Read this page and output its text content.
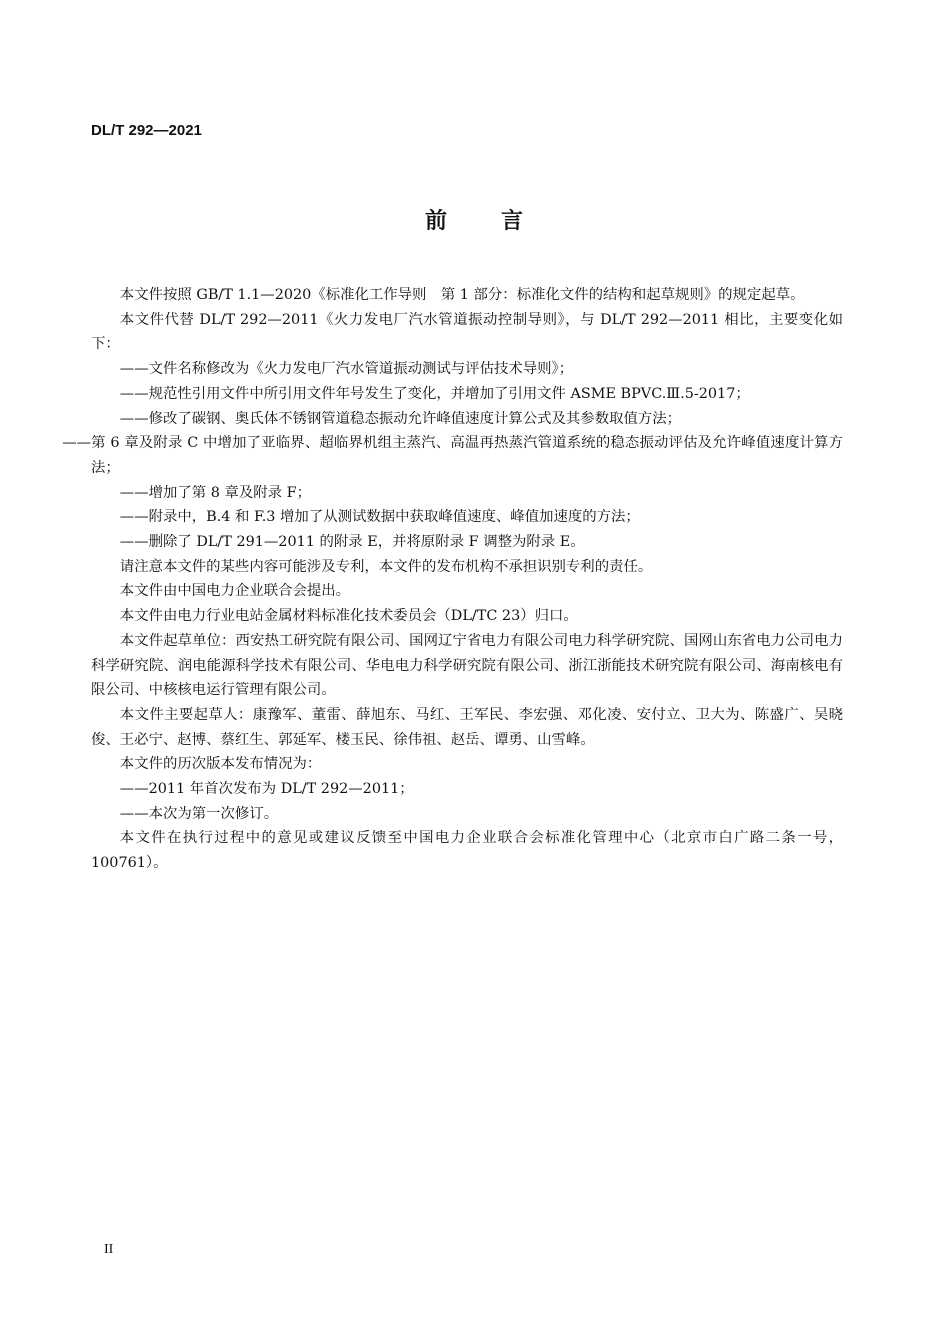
DL/T 292—2021
前 言

本文件按照 GB/T 1.1—2020《标准化工作导则　第 1 部分：标准化文件的结构和起草规则》的规定起草。

本文件代替 DL/T 292—2011《火力发电厂汽水管道振动控制导则》，与 DL/T 292—2011 相比，主要变化如下：

——文件名称修改为《火力发电厂汽水管道振动测试与评估技术导则》；

——规范性引用文件中所引用文件年号发生了变化，并增加了引用文件 ASME BPVC.Ⅲ.5-2017；

——修改了碳钢、奥氏体不锈钢管道稳态振动允许峰值速度计算公式及其参数取值方法；

——第 6 章及附录 C 中增加了亚临界、超临界机组主蒸汽、高温再热蒸汽管道系统的稳态振动评估及允许峰值速度计算方法；

——增加了第 8 章及附录 F；

——附录中，B.4 和 F.3 增加了从测试数据中获取峰值速度、峰值加速度的方法；

——删除了 DL/T 291—2011 的附录 E，并将原附录 F 调整为附录 E。

请注意本文件的某些内容可能涉及专利，本文件的发布机构不承担识别专利的责任。

本文件由中国电力企业联合会提出。

本文件由电力行业电站金属材料标准化技术委员会（DL/TC 23）归口。

本文件起草单位：西安热工研究院有限公司、国网辽宁省电力有限公司电力科学研究院、国网山东省电力公司电力科学研究院、润电能源科学技术有限公司、华电电力科学研究院有限公司、浙江浙能技术研究院有限公司、海南核电有限公司、中核核电运行管理有限公司。

本文件主要起草人：康豫军、董雷、薛旭东、马红、王军民、李宏强、邓化凌、安付立、卫大为、陈盛广、吴晓俊、王必宁、赵博、蔡红生、郭延军、楼玉民、徐伟祖、赵岳、谭勇、山雪峰。

本文件的历次版本发布情况为：

——2011 年首次发布为 DL/T 292—2011；

——本次为第一次修订。

本文件在执行过程中的意见或建议反馈至中国电力企业联合会标准化管理中心（北京市白广路二条一号，100761）。

II
